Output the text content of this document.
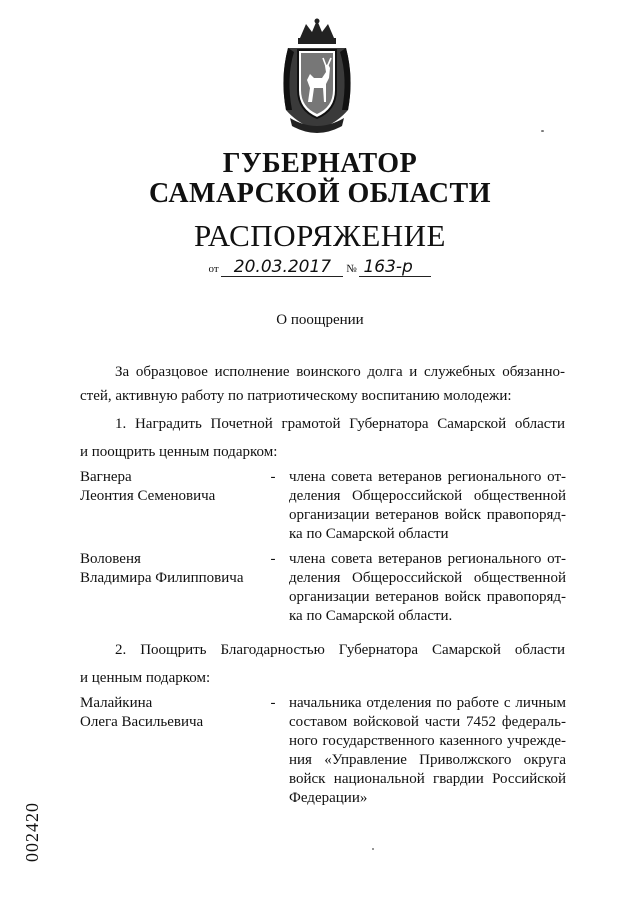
ГУБЕРНАТОР
САМАРСКОЙ ОБЛАСТИ
РАСПОРЯЖЕНИЕ
от 20.03.2017 № 163-р
О поощрении
За образцовое исполнение воинского долга и служебных обязанно-
стей, активную работу по патриотическому воспитанию молодежи:
1. Наградить Почетной грамотой Губернатора Самарской области
и поощрить ценным подарком:
Вагнера
Леонтия Семеновича
- члена совета ветеранов регионального от-деления Общероссийской общественной организации ветеранов войск правопоряд-ка по Самарской области
Воловеня
Владимира Филипповича
- члена совета ветеранов регионального от-деления Общероссийской общественной организации ветеранов войск правопоряд-ка по Самарской области.
2. Поощрить Благодарностью Губернатора Самарской области
и ценным подарком:
Малайкина
Олега Васильевича
- начальника отделения по работе с личным составом войсковой части 7452 федераль-ного государственного казенного учрежде-ния «Управление Приволжского округа войск национальной гвардии Российской Федерации»
002420
